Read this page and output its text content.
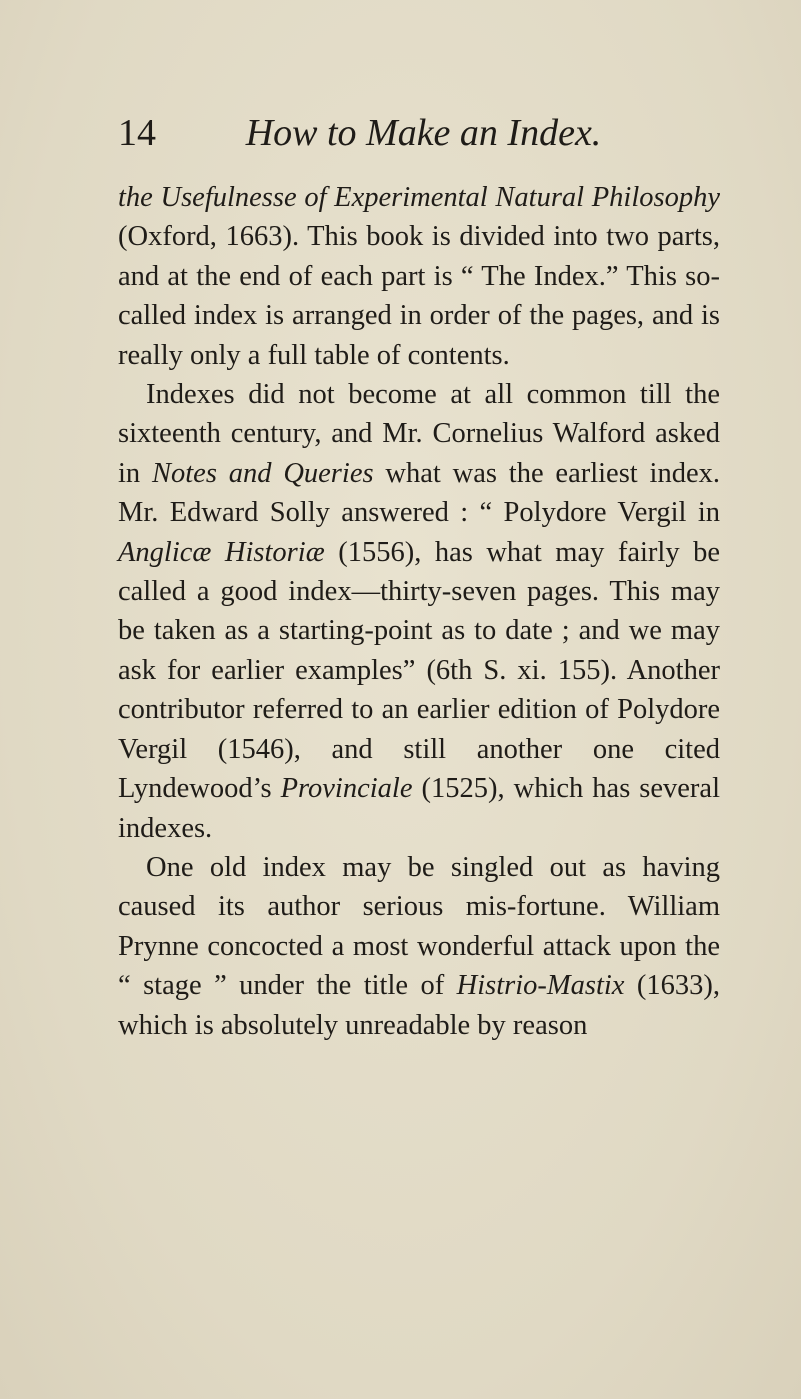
14	How to Make an Index.

the Usefulnesse of Experimental Natural Philosophy (Oxford, 1663). This book is divided into two parts, and at the end of each part is “ The Index.” This so-called index is arranged in order of the pages, and is really only a full table of contents.

Indexes did not become at all common till the sixteenth century, and Mr. Cornelius Walford asked in Notes and Queries what was the earliest index. Mr. Edward Solly answered : “ Polydore Vergil in Anglicæ Historiæ (1556), has what may fairly be called a good index—thirty-seven pages. This may be taken as a starting-point as to date ; and we may ask for earlier examples” (6th S. xi. 155). Another contributor referred to an earlier edition of Polydore Vergil (1546), and still another one cited Lyndewood’s Provinciale (1525), which has several indexes.

One old index may be singled out as having caused its author serious mis-fortune. William Prynne concocted a most wonderful attack upon the “ stage ” under the title of Histrio-Mastix (1633), which is absolutely unreadable by reason
